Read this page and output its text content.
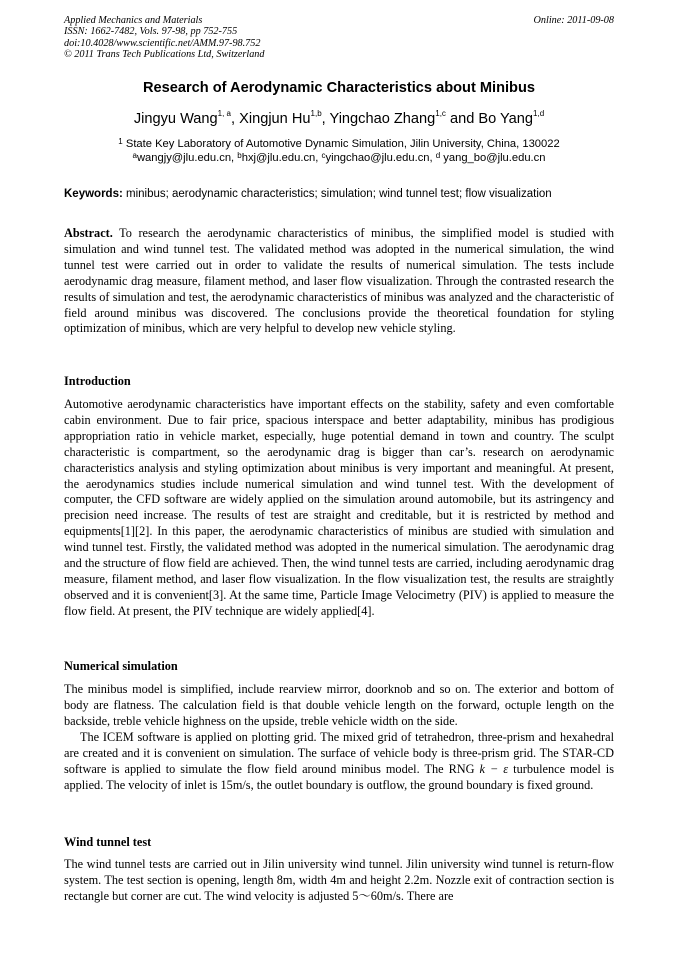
Applied Mechanics and Materials
ISSN: 1662-7482, Vols. 97-98, pp 752-755
doi:10.4028/www.scientific.net/AMM.97-98.752
© 2011 Trans Tech Publications Ltd, Switzerland
Online: 2011-09-08
Research of Aerodynamic Characteristics about Minibus
Jingyu Wang$^{1, a}$, Xingjun Hu$^{1,b}$, Yingchao Zhang$^{1,c}$ and Bo Yang$^{1,d}$
$^1$ State Key Laboratory of Automotive Dynamic Simulation, Jilin University, China, 130022
$^a$wangjy@jlu.edu.cn, $^b$hxj@jlu.edu.cn, $^c$yingchao@jlu.edu.cn, $^d$ yang_bo@jlu.edu.cn
Keywords: minibus; aerodynamic characteristics; simulation; wind tunnel test; flow visualization
Abstract. To research the aerodynamic characteristics of minibus, the simplified model is studied with simulation and wind tunnel test. The validated method was adopted in the numerical simulation, the wind tunnel test were carried out in order to validate the results of numerical simulation. The tests include aerodynamic drag measure, filament method, and laser flow visualization. Through the contrasted research the results of simulation and test, the aerodynamic characteristics of minibus was analyzed and the characteristic of field around minibus was discovered. The conclusions provide the theoretical foundation for styling optimization of minibus, which are very helpful to develop new vehicle styling.
Introduction
Automotive aerodynamic characteristics have important effects on the stability, safety and even comfortable cabin environment. Due to fair price, spacious interspace and better adaptability, minibus has prodigious appropriation ratio in vehicle market, especially, huge potential demand in town and country. The sculpt characteristic is compartment, so the aerodynamic drag is bigger than car’s. research on aerodynamic characteristics analysis and styling optimization about minibus is very important and meaningful. At present, the aerodynamics studies include numerical simulation and wind tunnel test. With the development of computer, the CFD software are widely applied on the simulation around automobile, but its astringency and precision need increase. The results of test are straight and creditable, but it is restricted by method and equipments[1][2]. In this paper, the aerodynamic characteristics of minibus are studied with simulation and wind tunnel test. Firstly, the validated method was adopted in the numerical simulation. The aerodynamic drag and the structure of flow field are achieved. Then, the wind tunnel tests are carried, including aerodynamic drag measure, filament method, and laser flow visualization. In the flow visualization test, the results are straightly observed and it is convenient[3]. At the same time, Particle Image Velocimetry (PIV) is applied to measure the flow field. At present, the PIV technique are widely applied[4].
Numerical simulation
The minibus model is simplified, include rearview mirror, doorknob and so on. The exterior and bottom of body are flatness. The calculation field is that double vehicle length on the forward, octuple length on the backside, treble vehicle highness on the upside, treble vehicle width on the side.
The ICEM software is applied on plotting grid. The mixed grid of tetrahedron, three-prism and hexahedral are created and it is convenient on simulation. The surface of vehicle body is three-prism grid. The STAR-CD software is applied to simulate the flow field around minibus model. The RNG k − ε turbulence model is applied. The velocity of inlet is 15m/s, the outlet boundary is outflow, the ground boundary is fixed ground.
Wind tunnel test
The wind tunnel tests are carried out in Jilin university wind tunnel. Jilin university wind tunnel is return-flow system. The test section is opening, length 8m, width 4m and height 2.2m. Nozzle exit of contraction section is rectangle but corner are cut. The wind velocity is adjusted 5～60m/s. There are
